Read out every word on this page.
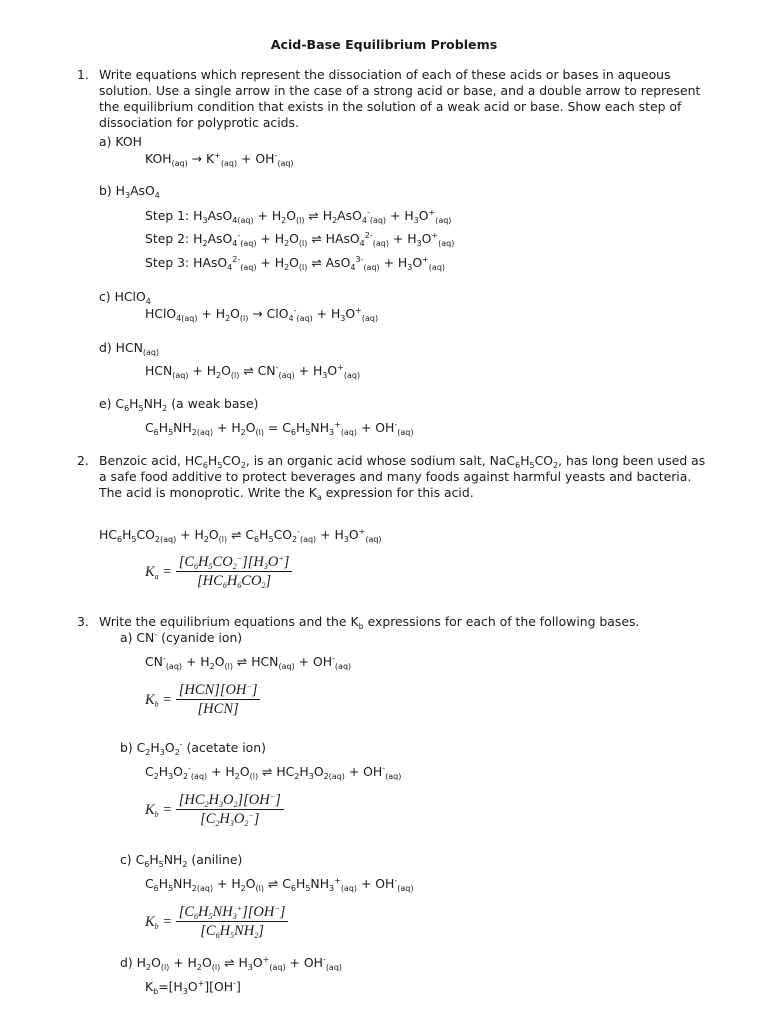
Acid-Base Equilibrium Problems
1. Write equations which represent the dissociation of each of these acids or bases in aqueous solution. Use a single arrow in the case of a strong acid or base, and a double arrow to represent the equilibrium condition that exists in the solution of a weak acid or base. Show each step of dissociation for polyprotic acids.
a) KOH
$KOH_{(aq)} \to K^+_{(aq)} + OH^-_{(aq)}$
b) $H_3AsO_4$
Step 1: $H_3AsO_{4(aq)} + H_2O_{(l)}$ ⇌ $H_2AsO_4^-_{(aq)} + H_3O^+_{(aq)}$
Step 2: $H_2AsO_4^-_{(aq)} + H_2O_{(l)}$ ⇌ HAsO$_4^{2-}_{(aq)}$ + $H_3O^+_{(aq)}$
Step 3: HAsO$_4^{2-}_{(aq)}$ + $H_2O_{(l)}$ ⇌ $AsO_4^{3-}_{(aq)} + H_3O^+_{(aq)}$
c) HClO$_4$
HClO$_{4(aq)}$ + $H_2O_{(l)} \to ClO_4^-_{(aq)} + H_3O^+_{(aq)}$
d) $HCN_{(aq)}$
$HCN_{(aq)} + H_2O_{(l)}$ ⇌ $CN^-_{(aq)} + H_3O^+_{(aq)}$
e) $C_6H_5NH_2$ (a weak base)
$C_6H_5NH_{2(aq)} + H_2O_{(l)} = C_6H_5NH_3^+_{(aq)} + OH^-_{(aq)}$
2. Benzoic acid, $HC_6H_5CO_2$, is an organic acid whose sodium salt, $NaC_6H_5CO_2$, has long been used as a safe food additive to protect beverages and many foods against harmful yeasts and bacteria. The acid is monoprotic. Write the $K_a$ expression for this acid.
$HC_6H_5CO_{2(aq)} + H_2O_{(l)}$ ⇌ $C_6H_5CO_2^-_{(aq)} + H_3O^+_{(aq)}$
$K_a = \frac{[C_6H_5CO_2^-][H_3O^+]}{[HC_6H_6CO_2]}$
3. Write the equilibrium equations and the $K_b$ expressions for each of the following bases.
a) CN- (cyanide ion)
$CN^-_{(aq)} + H_2O_{(l)}$ ⇌ $HCN_{(aq)} + OH^-_{(aq)}$
$K_b = \frac{[HCN][OH^-]}{\text{[HCN]}}$
b) $C_2H_3O_2^-$ (acetate ion)
$C_2H_3O_2^-_{(aq)} + H_2O_{(l)}$ ⇌ $HC_2H_3O_{2(aq)} + OH^-_{(aq)}$
$K_b = \frac{[HC_2H_3O_2][OH^-]}{[C_2H_3O_2^-]}$
c) $C_6H_5NH_2$ (aniline)
$C_6H_5NH_{2(aq)} + H_2O_{(l)}$ ⇌ $C_6H_5NH_3^+_{(aq)} + OH^-_{(aq)}$
$K_b = \frac{[C_6H_5NH_3^+][OH^-]}{[C_6H_5NH_2]}$
d) $H_2O_{(l)} + H_2O_{(l)}$ ⇌ $H_3O^+_{(aq)} + OH^-_{(aq)}$
$K_b=[H_3O^+][OH^-]$
